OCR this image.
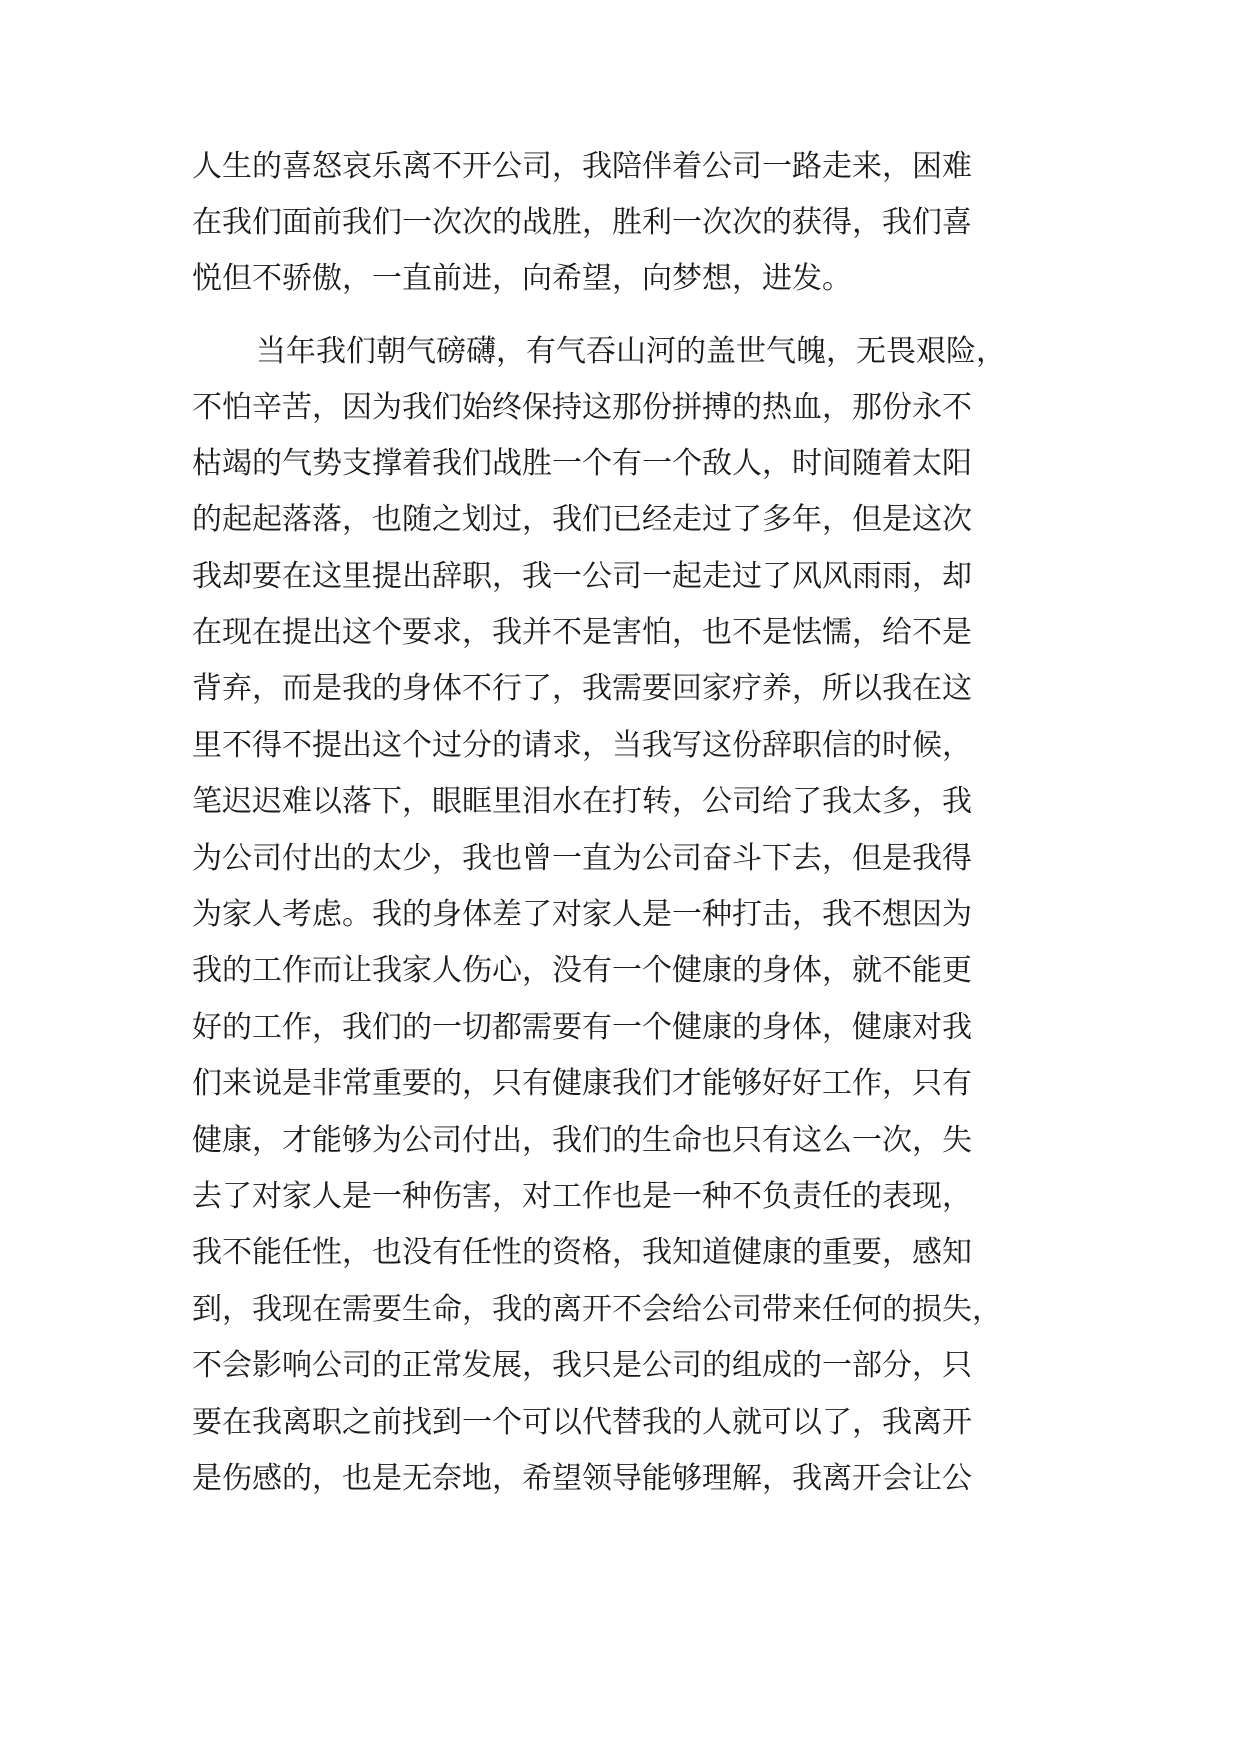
人生的喜怒哀乐离不开公司，我陪伴着公司一路走来，困难
在我们面前我们一次次的战胜，胜利一次次的获得，我们喜
悦但不骄傲，一直前进，向希望，向梦想，进发。
当年我们朝气磅礴，有气吞山河的盖世气魄，无畏艰险，
不怕辛苦，因为我们始终保持这那份拼搏的热血，那份永不
枯竭的气势支撑着我们战胜一个有一个敌人，时间随着太阳
的起起落落，也随之划过，我们已经走过了多年，但是这次
我却要在这里提出辞职，我一公司一起走过了风风雨雨，却
在现在提出这个要求，我并不是害怕，也不是怯懦，给不是
背弃，而是我的身体不行了，我需要回家疗养，所以我在这
里不得不提出这个过分的请求，当我写这份辞职信的时候，
笔迟迟难以落下，眼眶里泪水在打转，公司给了我太多，我
为公司付出的太少，我也曾一直为公司奋斗下去，但是我得
为家人考虑。我的身体差了对家人是一种打击，我不想因为
我的工作而让我家人伤心，没有一个健康的身体，就不能更
好的工作，我们的一切都需要有一个健康的身体，健康对我
们来说是非常重要的，只有健康我们才能够好好工作，只有
健康，才能够为公司付出，我们的生命也只有这么一次，失
去了对家人是一种伤害，对工作也是一种不负责任的表现，
我不能任性，也没有任性的资格，我知道健康的重要，感知
到，我现在需要生命，我的离开不会给公司带来任何的损失，
不会影响公司的正常发展，我只是公司的组成的一部分，只
要在我离职之前找到一个可以代替我的人就可以了，我离开
是伤感的，也是无奈地，希望领导能够理解，我离开会让公
